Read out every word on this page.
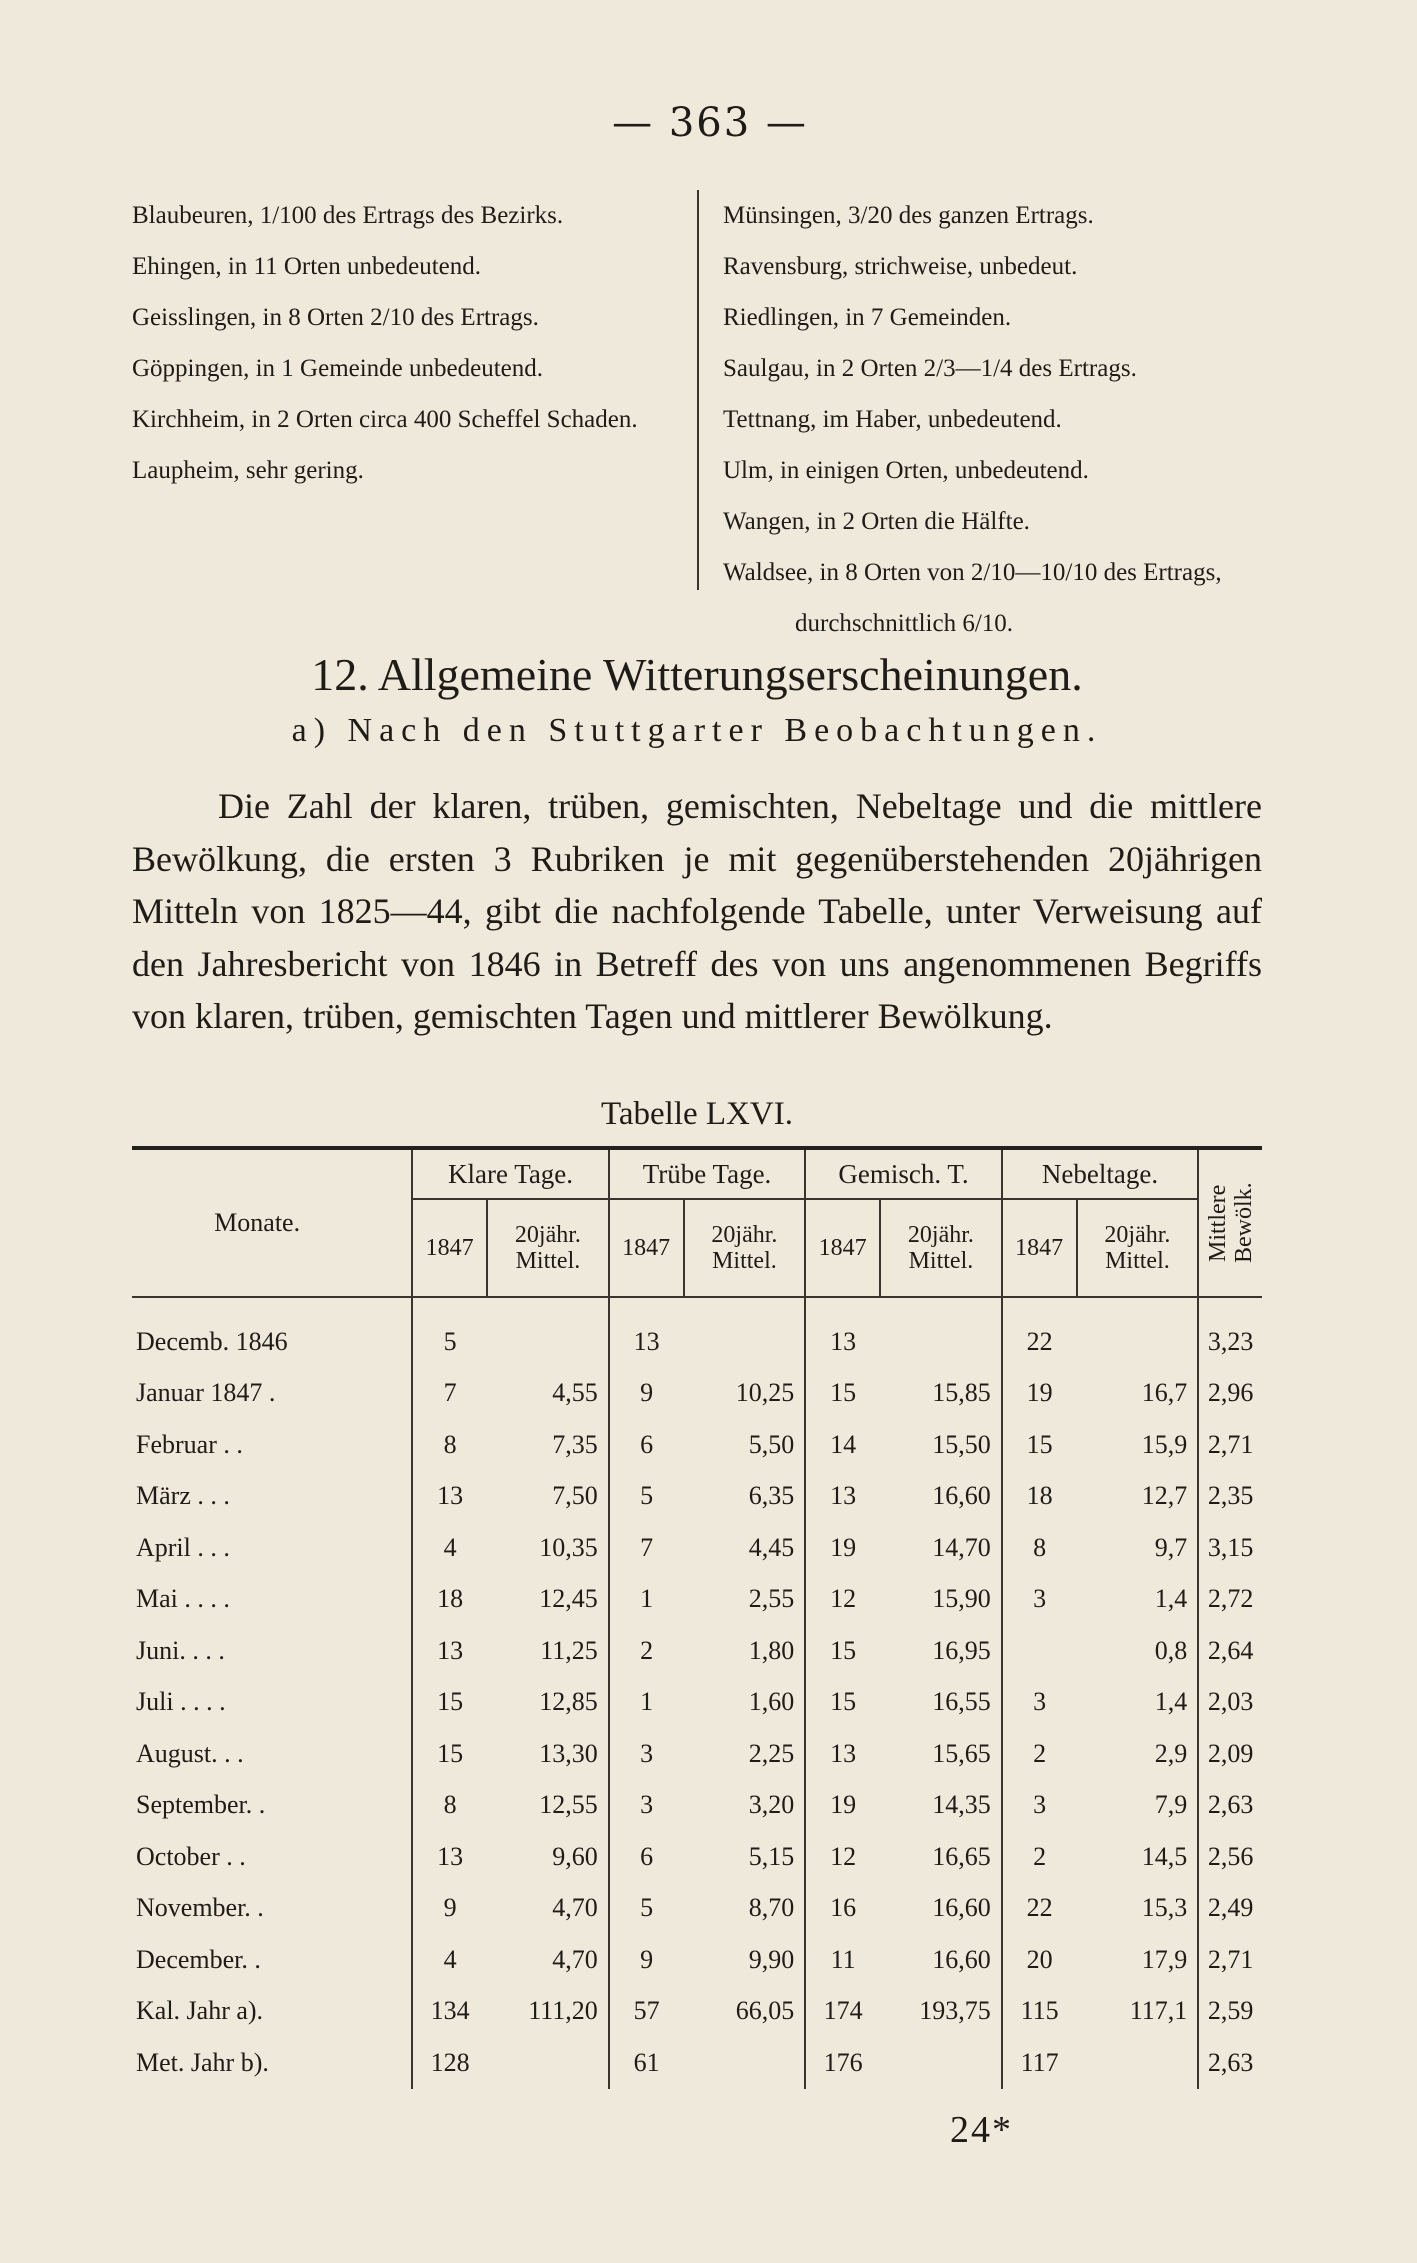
— 363 —
Blaubeuren, 1/100 des Ertrags des Bezirks.
Ehingen, in 11 Orten unbedeutend.
Geisslingen, in 8 Orten 2/10 des Ertrags.
Göppingen, in 1 Gemeinde unbedeutend.
Kirchheim, in 2 Orten circa 400 Scheffel Schaden.
Laupheim, sehr gering.
Münsingen, 3/20 des ganzen Ertrags.
Ravensburg, strichweise, unbedeut.
Riedlingen, in 7 Gemeinden.
Saulgau, in 2 Orten 2/3—1/4 des Ertrags.
Tettnang, im Haber, unbedeutend.
Ulm, in einigen Orten, unbedeutend.
Wangen, in 2 Orten die Hälfte.
Waldsee, in 8 Orten von 2/10—10/10 des Ertrags, durchschnittlich 6/10.
12. Allgemeine Witterungserscheinungen.
a) Nach den Stuttgarter Beobachtungen.

Die Zahl der klaren, trüben, gemischten, Nebeltage und die mittlere Bewölkung, die ersten 3 Rubriken je mit gegenüberstehenden 20jährigen Mitteln von 1825—44, gibt die nachfolgende Tabelle, unter Verweisung auf den Jahresbericht von 1846 in Betreff des von uns angenommenen Begriffs von klaren, trüben, gemischten Tagen und mittlerer Bewölkung.

Tabelle LXVI.
Monate.	Klare Tage.		Trübe Tage.		Gemisch. T.		Nebeltage.		Mittlere Bewölk.

	1847	20jähr. Mittel.	1847	20jähr. Mittel.	1847	20jähr. Mittel.	1847	20jähr. Mittel.	
Decemb. 1846	5		13		13		22		3,23
Januar 1847 .	7	4,55	9	10,25	15	15,85	19	16,7	2,96
Februar . .	8	7,35	6	5,50	14	15,50	15	15,9	2,71
März . . .	13	7,50	5	6,35	13	16,60	18	12,7	2,35
April . . .	4	10,35	7	4,45	19	14,70	8	9,7	3,15
Mai . . . .	18	12,45	1	2,55	12	15,90	3	1,4	2,72
Juni. . . .	13	11,25	2	1,80	15	16,95		0,8	2,64
Juli . . . .	15	12,85	1	1,60	15	16,55	3	1,4	2,03
August. . .	15	13,30	3	2,25	13	15,65	2	2,9	2,09
September. .	8	12,55	3	3,20	19	14,35	3	7,9	2,63
October . .	13	9,60	6	5,15	12	16,65	2	14,5	2,56
November. .	9	4,70	5	8,70	16	16,60	22	15,3	2,49
December. .	4	4,70	9	9,90	11	16,60	20	17,9	2,71
Kal. Jahr a).	134	111,20	57	66,05	174	193,75	115	117,1	2,59
Met. Jahr b).	128		61		176		117		2,63
24*
